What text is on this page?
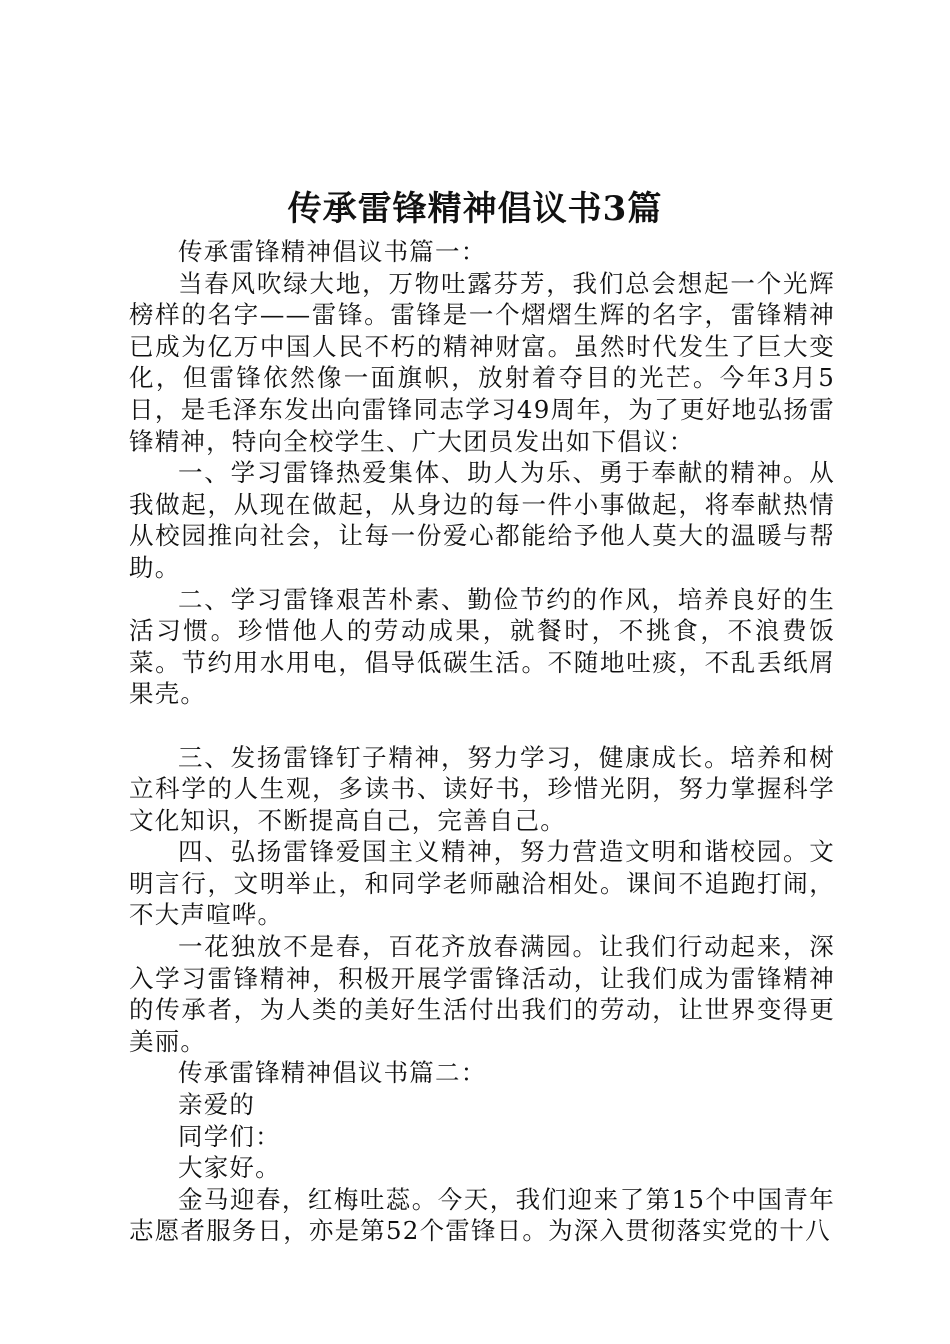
传承雷锋精神倡议书3篇

传承雷锋精神倡议书篇一：

当春风吹绿大地，万物吐露芬芳，我们总会想起一个光辉榜样的名字——雷锋。雷锋是一个熠熠生辉的名字，雷锋精神已成为亿万中国人民不朽的精神财富。虽然时代发生了巨大变化，但雷锋依然像一面旗帜，放射着夺目的光芒。今年3月5日，是毛泽东发出向雷锋同志学习49周年，为了更好地弘扬雷锋精神，特向全校学生、广大团员发出如下倡议：

一、学习雷锋热爱集体、助人为乐、勇于奉献的精神。从我做起，从现在做起，从身边的每一件小事做起，将奉献热情从校园推向社会，让每一份爱心都能给予他人莫大的温暖与帮助。

二、学习雷锋艰苦朴素、勤俭节约的作风，培养良好的生活习惯。珍惜他人的劳动成果，就餐时，不挑食，不浪费饭菜。节约用水用电，倡导低碳生活。不随地吐痰，不乱丢纸屑果壳。

三、发扬雷锋钉子精神，努力学习，健康成长。培养和树立科学的人生观，多读书、读好书，珍惜光阴，努力掌握科学文化知识，不断提高自己，完善自己。

四、弘扬雷锋爱国主义精神，努力营造文明和谐校园。文明言行，文明举止，和同学老师融洽相处。课间不追跑打闹，不大声喧哗。

一花独放不是春，百花齐放春满园。让我们行动起来，深入学习雷锋精神，积极开展学雷锋活动，让我们成为雷锋精神的传承者，为人类的美好生活付出我们的劳动，让世界变得更美丽。

传承雷锋精神倡议书篇二：

亲爱的

同学们：

大家好。

金马迎春，红梅吐蕊。今天，我们迎来了第15个中国青年志愿者服务日，亦是第52个雷锋日。为深入贯彻落实党的十八
